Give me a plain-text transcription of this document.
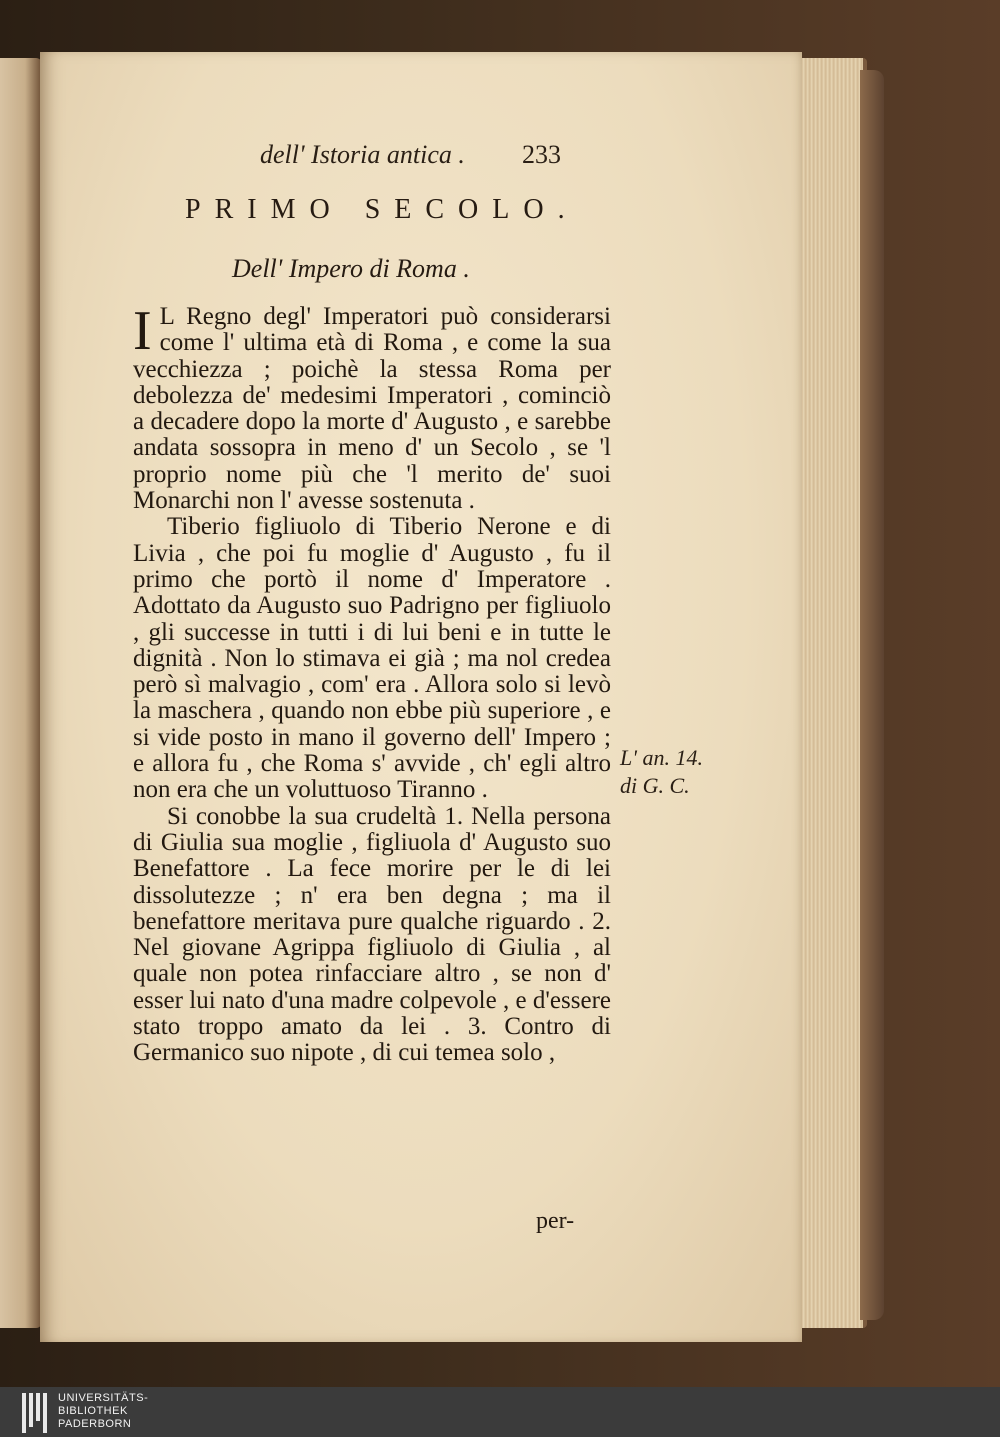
dell' Istoria antica . 233
PRIMO SECOLO.
Dell' Impero di Roma .

I L Regno degl' Imperatori può considerarsi come l' ultima età di Roma , e come la sua vecchiezza ; poichè la stessa Roma per debolezza de' medesimi Imperatori , cominciò a decadere dopo la morte d' Augusto , e sarebbe andata sossopra in meno d' un Secolo , se 'l proprio nome più che 'l merito de' suoi Monarchi non l' avesse sostenuta .

Tiberio figliuolo di Tiberio Nerone e di Livia , che poi fu moglie d' Augusto , fu il primo che portò il nome d' Imperatore . Adottato da Augusto suo Padrigno per figliuolo , gli successe in tutti i di lui beni e in tutte le dignità . Non lo stimava ei già ; ma nol credea però sì malvagio , com' era . Allora solo si levò la maschera , quando non ebbe più superiore , e si vide posto in mano il governo dell' Impero ; e allora fu , che Roma s' avvide , ch' egli altro non era che un voluttuoso Tiranno .

Si conobbe la sua crudeltà 1. Nella persona di Giulia sua moglie , figliuola d' Augusto suo Benefattore . La fece morire per le di lei dissolutezze ; n' era ben degna ; ma il benefattore meritava pure qualche riguardo . 2. Nel giovane Agrippa figliuolo di Giulia , al quale non potea rinfacciare altro , se non d' esser lui nato d'una madre colpevole , e d'essere stato troppo amato da lei . 3. Contro di Germanico suo nipote , di cui temea solo ,

L' an. 14.
di G. C.
per-
UNIVERSITÄTS-
BIBLIOTHEK
PADERBORN
